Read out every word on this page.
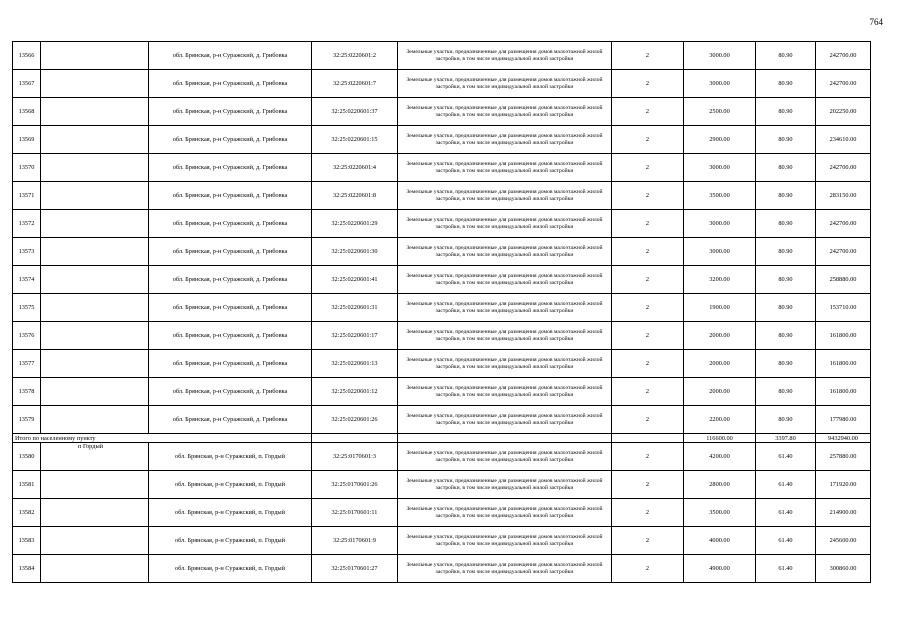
764
13566		обл. Брянская, р-н Суражский, д. Грибовка	32:25:0220601:2	Земельные участки, предназначенные для размещения домов малоэтажной жилой застройки, в том числе индивидуальной жилой застройки	2	3000.00	80.90	242700.00
13567		обл. Брянская, р-н Суражский, д. Грибовка	32:25:0220601:7	Земельные участки, предназначенные для размещения домов малоэтажной жилой застройки, в том числе индивидуальной жилой застройки	2	3000.00	80.90	242700.00
13568		обл. Брянская, р-н Суражский, д. Грибовка	32:25:0220601:37	Земельные участки, предназначенные для размещения домов малоэтажной жилой застройки, в том числе индивидуальной жилой застройки	2	2500.00	80.90	202250.00
13569		обл. Брянская, р-н Суражский, д. Грибовка	32:25:0220601:15	Земельные участки, предназначенные для размещения домов малоэтажной жилой застройки, в том числе индивидуальной жилой застройки	2	2900.00	80.90	234610.00
13570		обл. Брянская, р-н Суражский, д. Грибовка	32:25:0220601:4	Земельные участки, предназначенные для размещения домов малоэтажной жилой застройки, в том числе индивидуальной жилой застройки	2	3000.00	80.90	242700.00
13571		обл. Брянская, р-н Суражский, д. Грибовка	32:25:0220601:8	Земельные участки, предназначенные для размещения домов малоэтажной жилой застройки, в том числе индивидуальной жилой застройки	2	3500.00	80.90	283150.00
13572		обл. Брянская, р-н Суражский, д. Грибовка	32:25:0220601:29	Земельные участки, предназначенные для размещения домов малоэтажной жилой застройки, в том числе индивидуальной жилой застройки	2	3000.00	80.90	242700.00
13573		обл. Брянская, р-н Суражский, д. Грибовка	32:25:0220601:30	Земельные участки, предназначенные для размещения домов малоэтажной жилой застройки, в том числе индивидуальной жилой застройки	2	3000.00	80.90	242700.00
13574		обл. Брянская, р-н Суражский, д. Грибовка	32:25:0220601:41	Земельные участки, предназначенные для размещения домов малоэтажной жилой застройки, в том числе индивидуальной жилой застройки	2	3200.00	80.90	258880.00
13575		обл. Брянская, р-н Суражский, д. Грибовка	32:25:0220601:31	Земельные участки, предназначенные для размещения домов малоэтажной жилой застройки, в том числе индивидуальной жилой застройки	2	1900.00	80.90	153710.00
13576		обл. Брянская, р-н Суражский, д. Грибовка	32:25:0220601:17	Земельные участки, предназначенные для размещения домов малоэтажной жилой застройки, в том числе индивидуальной жилой застройки	2	2000.00	80.90	161800.00
13577		обл. Брянская, р-н Суражский, д. Грибовка	32:25:0220601:13	Земельные участки, предназначенные для размещения домов малоэтажной жилой застройки, в том числе индивидуальной жилой застройки	2	2000.00	80.90	161800.00
13578		обл. Брянская, р-н Суражский, д. Грибовка	32:25:0220601:12	Земельные участки, предназначенные для размещения домов малоэтажной жилой застройки, в том числе индивидуальной жилой застройки	2	2000.00	80.90	161800.00
13579		обл. Брянская, р-н Суражский, д. Грибовка	32:25:0220601:26	Земельные участки, предназначенные для размещения домов малоэтажной жилой застройки, в том числе индивидуальной жилой застройки	2	2200.00	80.90	177980.00
Итого по населенному пункту						116600.00	3397.80	9432940.00
13580	п Гордый	обл. Брянская, р-н Суражский, п. Гордый	32:25:0170601:3	Земельные участки, предназначенные для размещения домов малоэтажной жилой застройки, в том числе индивидуальной жилой застройки	2	4200.00	61.40	257880.00
13581		обл. Брянская, р-н Суражский, п. Гордый	32:25:0170601:26	Земельные участки, предназначенные для размещения домов малоэтажной жилой застройки, в том числе индивидуальной жилой застройки	2	2800.00	61.40	171920.00
13582		обл. Брянская, р-н Суражский, п. Гордый	32:25:0170601:11	Земельные участки, предназначенные для размещения домов малоэтажной жилой застройки, в том числе индивидуальной жилой застройки	2	3500.00	61.40	214900.00
13583		обл. Брянская, р-н Суражский, п. Гордый	32:25:0170601:9	Земельные участки, предназначенные для размещения домов малоэтажной жилой застройки, в том числе индивидуальной жилой застройки	2	4000.00	61.40	245600.00
13584		обл. Брянская, р-н Суражский, п. Гордый	32:25:0170601:27	Земельные участки, предназначенные для размещения домов малоэтажной жилой застройки, в том числе индивидуальной жилой застройки	2	4900.00	61.40	300860.00
